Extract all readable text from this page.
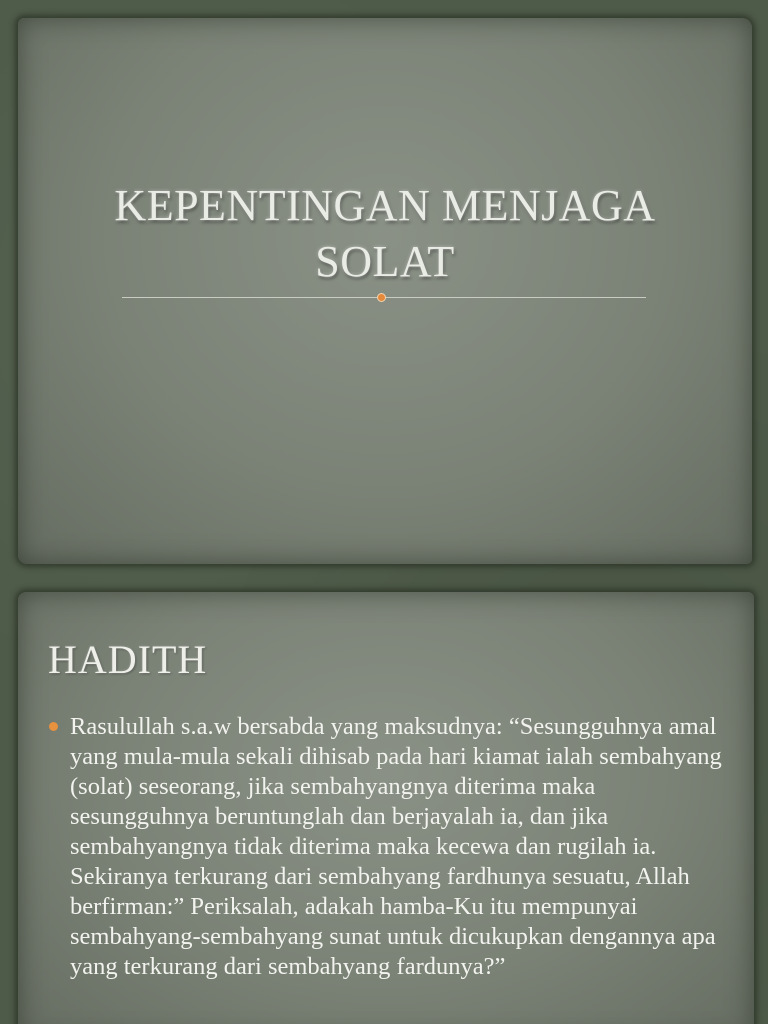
KEPENTINGAN MENJAGA
SOLAT
HADITH
Rasulullah s.a.w bersabda yang maksudnya: “Sesungguhnya amal yang mula-mula sekali dihisab pada hari kiamat ialah sembahyang (solat) seseorang, jika sembahyangnya diterima maka sesungguhnya beruntunglah dan berjayalah ia, dan jika sembahyangnya tidak diterima maka kecewa dan rugilah ia. Sekiranya terkurang dari sembahyang fardhunya sesuatu, Allah berfirman:” Periksalah, adakah hamba-Ku itu mempunyai sembahyang-sembahyang sunat untuk dicukupkan dengannya apa yang terkurang dari sembahyang fardunya?”
